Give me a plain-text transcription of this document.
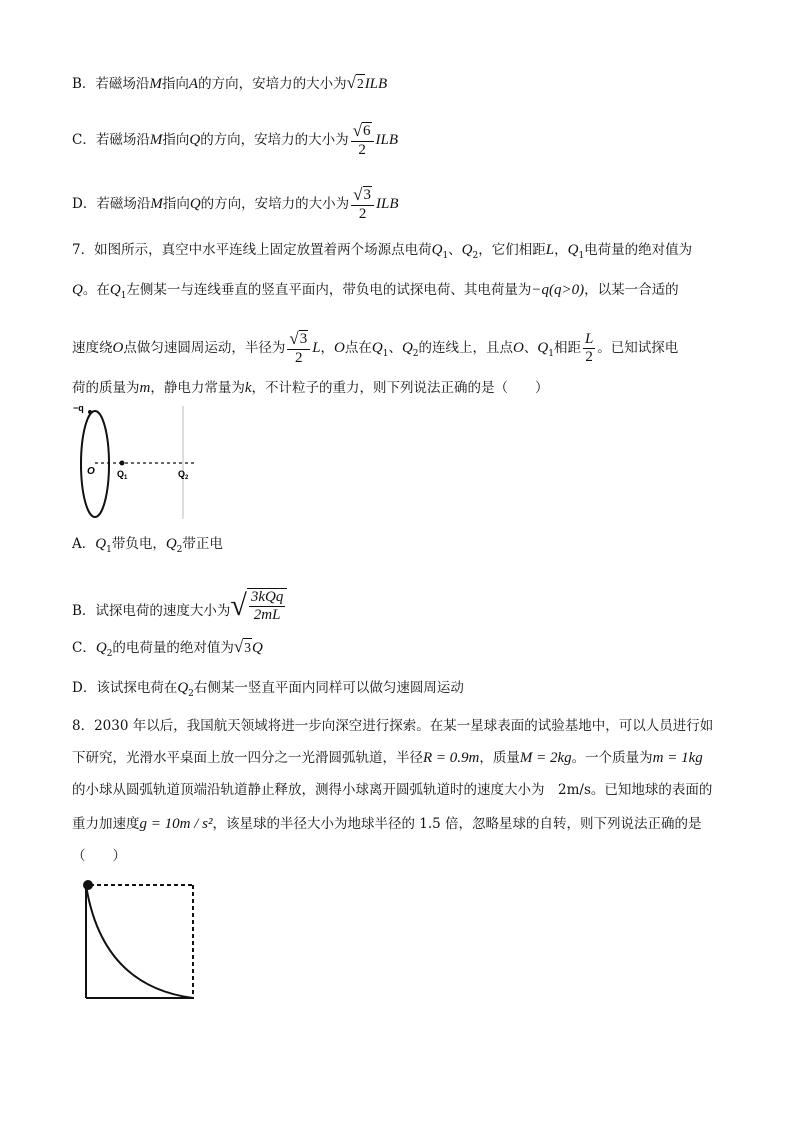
B．若磁场沿M指向A的方向，安培力的大小为 √ 2 ILB
C．若磁场沿M指向Q的方向，安培力的大小为 $\frac{√ 6}{2}$ ILB
D．若磁场沿M指向Q的方向，安培力的大小为 $\frac{√ 3}{2}$ ILB
7．如图所示，真空中水平连线上固定放置着两个场源点电荷$Q_1$、$Q_2$，它们相距L，$Q_1$电荷量的绝对值为
Q。在$Q_1$左侧某一与连线垂直的竖直平面内，带负电的试探电荷、其电荷量为−q(q>0)，以某一合适的
速度绕O点做匀速圆周运动，半径为 $\frac{√ 3}{2}$ L，O点在$Q_1$、$Q_2$的连线上，且点O、$Q_1$相距 $\frac{L}{2}$ 。已知试探电
荷的质量为m，静电力常量为k，不计粒子的重力，则下列说法正确的是（　　）
−q
O $Q_1$	$Q_2$
A．$Q_1$带负电，$Q_2$带正电
B．试探电荷的速度大小为 √ $\frac{\text{3kQq}}{2mL}$
C．$Q_2$的电荷量的绝对值为 √ 3 Q
D．该试探电荷在$Q_2$右侧某一竖直平面内同样可以做匀速圆周运动
8．2030 年以后，我国航天领域将进一步向深空进行探索。在某一星球表面的试验基地中，可以人员进行如
下研究，光滑水平桌面上放一四分之一光滑圆弧轨道，半径R = 0.9m，质量M = 2kg。一个质量为m = 1kg
的小球从圆弧轨道顶端沿轨道静止释放，测得小球离开圆弧轨道时的速度大小为　2m/s。已知地球的表面的
重力加速度g = 10m / s²，该星球的半径大小为地球半径的 1.5 倍，忽略星球的自转，则下列说法正确的是
（　　）
